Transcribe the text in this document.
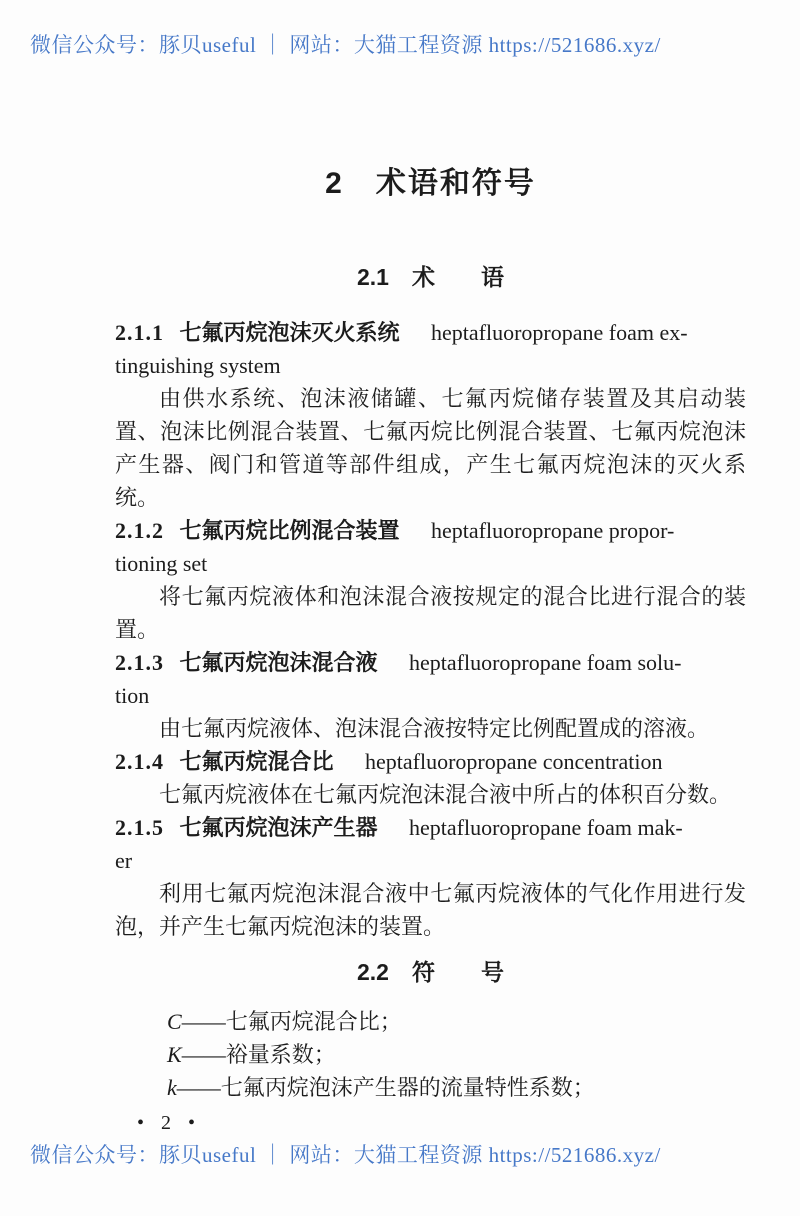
微信公众号：豚贝useful ｜ 网站：大猫工程资源 https://521686.xyz/
2　术语和符号
2.1　术　　语
2.1.1 七氟丙烷泡沫灭火系统 heptafluoropropane foam ex-
tinguishing system

由供水系统、泡沫液储罐、七氟丙烷储存装置及其启动装置、泡沫比例混合装置、七氟丙烷比例混合装置、七氟丙烷泡沫产生器、阀门和管道等部件组成，产生七氟丙烷泡沫的灭火系统。

2.1.2 七氟丙烷比例混合装置 heptafluoropropane propor-
tioning set

将七氟丙烷液体和泡沫混合液按规定的混合比进行混合的装置。

2.1.3 七氟丙烷泡沫混合液 heptafluoropropane foam solu-
tion

由七氟丙烷液体、泡沫混合液按特定比例配置成的溶液。

2.1.4 七氟丙烷混合比 heptafluoropropane concentration

七氟丙烷液体在七氟丙烷泡沫混合液中所占的体积百分数。

2.1.5 七氟丙烷泡沫产生器 heptafluoropropane foam mak-
er

利用七氟丙烷泡沫混合液中七氟丙烷液体的气化作用进行发泡，并产生七氟丙烷泡沫的装置。

2.2　符　　号
C——七氟丙烷混合比；
K——裕量系数；
k——七氟丙烷泡沫产生器的流量特性系数；
• 2 •
微信公众号：豚贝useful ｜ 网站：大猫工程资源 https://521686.xyz/
